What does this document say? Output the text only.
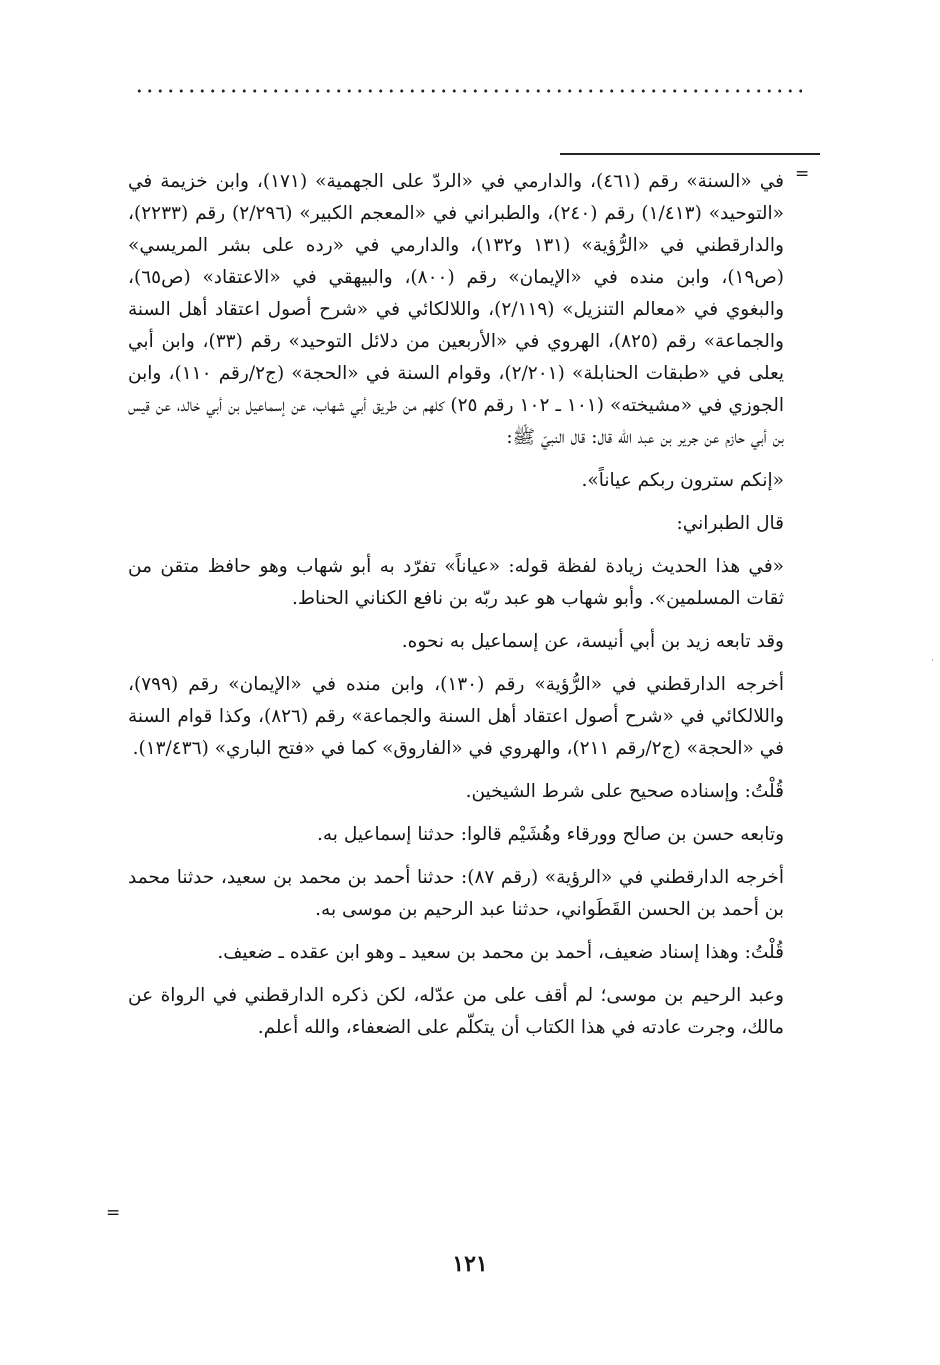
=
·

في «السنة» رقم (٤٦١)، والدارمي في «الردّ على الجهمية» (١٧١)، وابن خزيمة في «التوحيد» (١/٤١٣) رقم (٢٤٠)، والطبراني في «المعجم الكبير» (٢/٢٩٦) رقم (٢٢٣٣)، والدارقطني في «الرُّؤية» (١٣١ و١٣٢)، والدارمي في «رده على بشر المريسي» (ص١٩)، وابن منده في «الإيمان» رقم (٨٠٠)، والبيهقي في «الاعتقاد» (ص٦٥)، والبغوي في «معالم التنزيل» (٢/١١٩)، واللالكائي في «شرح أصول اعتقاد أهل السنة والجماعة» رقم (٨٢٥)، الهروي في «الأربعين من دلائل التوحيد» رقم (٣٣)، وابن أبي يعلى في «طبقات الحنابلة» (٢/٢٠١)، وقوام السنة في «الحجة» (ج٢/رقم ١١٠)، وابن الجوزي في «مشيخته» (١٠١ ـ ١٠٢ رقم ٢٥) كلهم من طريق أبي شهاب، عن إسماعيل بن أبي خالد، عن قيس بن أبي حازم عن جرير بن عبد الله قال: قال النبيّ ﷺ:

«إنكم سترون ربكم عياناً».

قال الطبراني:

«في هذا الحديث زيادة لفظة قوله: «عياناً» تفرّد به أبو شهاب وهو حافظ متقن من ثقات المسلمين». وأبو شهاب هو عبد ربّه بن نافع الكناني الحناط.

وقد تابعه زيد بن أبي أنيسة، عن إسماعيل به نحوه.

أخرجه الدارقطني في «الرُّؤية» رقم (١٣٠)، وابن منده في «الإيمان» رقم (٧٩٩)، واللالكائي في «شرح أصول اعتقاد أهل السنة والجماعة» رقم (٨٢٦)، وكذا قوام السنة في «الحجة» (ج٢/رقم ٢١١)، والهروي في «الفاروق» كما في «فتح الباري» (١٣/٤٣٦).

قُلْتُ: وإسناده صحيح على شرط الشيخين.

وتابعه حسن بن صالح وورقاء وهُشَيْم قالوا: حدثنا إسماعيل به.

أخرجه الدارقطني في «الرؤية» (رقم ٨٧): حدثنا أحمد بن محمد بن سعيد، حدثنا محمد بن أحمد بن الحسن القَطَواني، حدثنا عبد الرحيم بن موسى به.

قُلْتُ: وهذا إسناد ضعيف، أحمد بن محمد بن سعيد ـ وهو ابن عقده ـ ضعيف.

وعبد الرحيم بن موسى؛ لم أقف على من عدّله، لكن ذكره الدارقطني في الرواة عن مالك، وجرت عادته في هذا الكتاب أن يتكلّم على الضعفاء، والله أعلم.

=
١٢١
